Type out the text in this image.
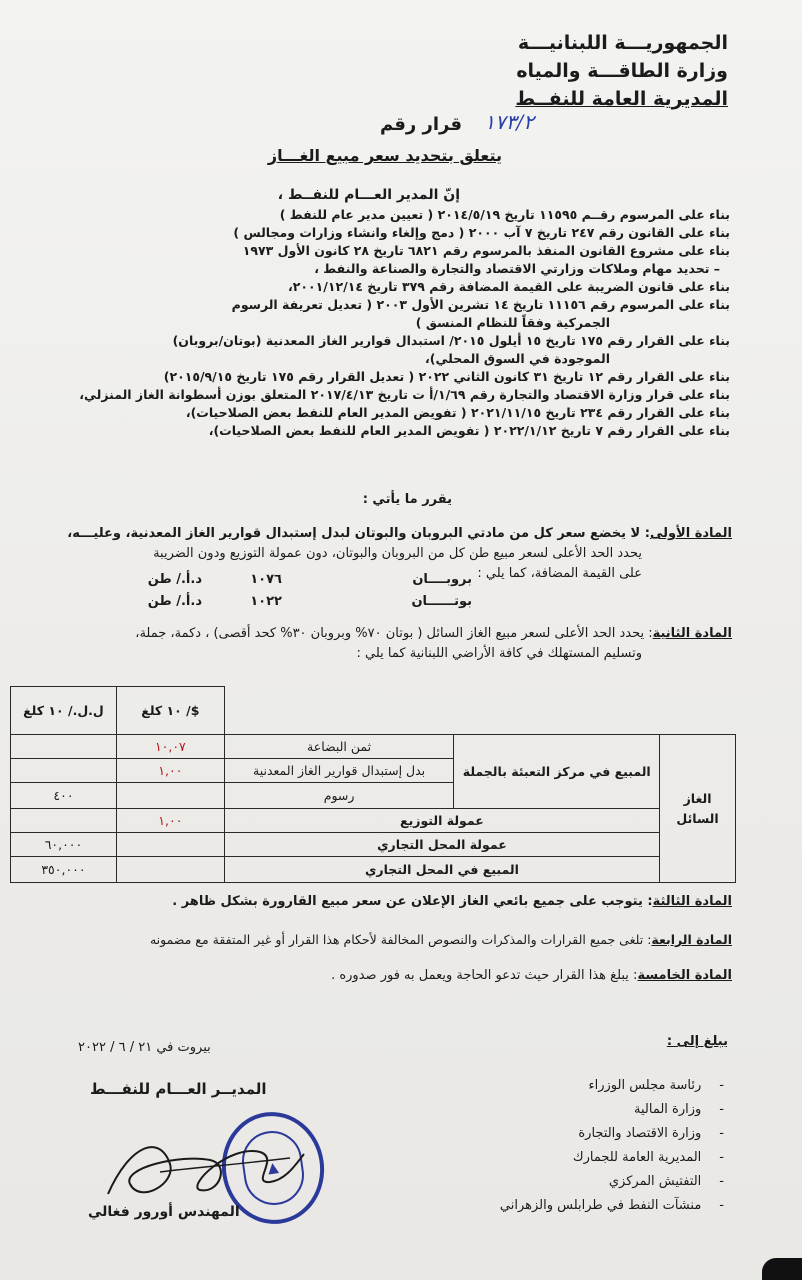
الجمهوريـــة اللبنانيـــة
وزارة الطاقـــة والمياه
المديرية العامة للنفــط
قرار رقم ١٧٣/٢
يتعلق بتحديد سعر مبيع الغـــاز
إنّ المدير العـــام للنفــط ،
بناء على المرسوم رقــم ١١٥٩٥ تاريخ ٢٠١٤/٥/١٩ ( تعيين مدير عام للنفط )
بناء على القانون رقم ٢٤٧ تاريخ ٧ آب ٢٠٠٠ ( دمج وإلغاء وانشاء وزارات ومجالس )
بناء على مشروع القانون المنفذ بالمرسوم رقم ٦٨٢١ تاريخ ٢٨ كانون الأول ١٩٧٣
– تحديد مهام وملاكات وزارتي الاقتصاد والتجارة والصناعة والنفط ،
بناء على قانون الضريبة على القيمة المضافة رقم ٣٧٩ تاريخ ٢٠٠١/١٢/١٤،
بناء على المرسوم رقم ١١١٥٦ تاريخ ١٤ تشرين الأول ٢٠٠٣ ( تعديل تعريفة الرسوم
الجمركية وفقاً للنظام المنسق )
بناء على القرار رقم ١٧٥ تاريخ ١٥ أيلول ٢٠١٥/ استبدال قوارير الغاز المعدنية (بوتان/بروبان)
الموجودة في السوق المحلي)،
بناء على القرار رقم ١٢ تاريخ ٣١ كانون الثاني ٢٠٢٢ ( تعديل القرار رقم ١٧٥ تاريخ ٢٠١٥/٩/١٥)
بناء على قرار وزارة الاقتصاد والتجارة رقم ١/٦٩/أ ت تاريخ ٢٠١٧/٤/١٣ المتعلق بوزن أسطوانة الغاز المنزلي،
بناء على القرار رقم ٢٣٤ تاريخ ٢٠٢١/١١/١٥ ( تفويض المدير العام للنفط بعض الصلاحيات)،
بناء على القرار رقم ٧ تاريخ ٢٠٢٢/١/١٢ ( تفويض المدير العام للنفط بعض الصلاحيات)،
يقرر ما يأتي :
المادة الأولى: لا يخضع سعر كل من مادتي البروبان والبوتان لبدل إستبدال قوارير الغاز المعدنية، وعليـــه،
يحدد الحد الأعلى لسعر مبيع طن كل من البروبان والبوتان، دون عمولة التوزيع ودون الضريبة
على القيمة المضافة، كما يلي :
بروبــــان
١٠٧٦
د.أ./ طن
بوتــــــان
١٠٢٢
د.أ./ طن
المادة الثانية: يحدد الحد الأعلى لسعر مبيع الغاز السائل ( بوتان ٧٠% وبروبان ٣٠% كحد أقصى) ، دكمة، جملة،
وتسليم المستهلك في كافة الأراضي اللبنانية كما يلي :
			$/ ١٠ كلغ	ل.ل./ ١٠ كلغ
الغاز السائل	المبيع في مركز التعبئة بالجملة	ثمن البضاعة	١٠,٠٧	
		بدل إستبدال قوارير الغاز المعدنية	١,٠٠	
		رسوم		٤٠٠
	عمولة التوزيع		١,٠٠	
	عمولة المحل التجاري			٦٠,٠٠٠
	المبيع في المحل التجاري			٣٥٠,٠٠٠
المادة الثالثة: يتوجب على جميع بائعي الغاز الإعلان عن سعر مبيع القارورة بشكل ظاهر .
المادة الرابعة: تلغى جميع القرارات والمذكرات والنصوص المخالفة لأحكام هذا القرار أو غير المتفقة مع مضمونه
المادة الخامسة: يبلغ هذا القرار حيث تدعو الحاجة ويعمل به فور صدوره .
بيروت في ٢١ / ٦ / ٢٠٢٢	يبلغ إلى :
- رئاسة مجلس الوزراء
- وزارة المالية
- وزارة الاقتصاد والتجارة
- المديرية العامة للجمارك
- التفتيش المركزي
- منشآت النفط في طرابلس والزهراني
المديــر العـــام للنفـــط
▲
المهندس أورور فغالي
